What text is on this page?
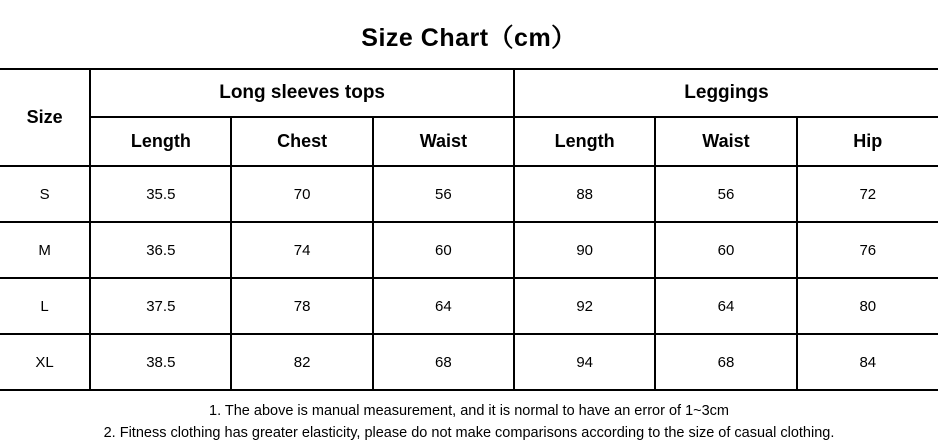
Size Chart（cm）
Size	Long sleeves tops			Leggings		
	Length	Chest	Waist	Length	Waist	Hip
S	35.5	70	56	88	56	72
M	36.5	74	60	90	60	76
L	37.5	78	64	92	64	80
XL	38.5	82	68	94	68	84
1. The above is manual measurement, and it is normal to have an error of 1~3cm
2. Fitness clothing has greater elasticity, please do not make comparisons according to the size of casual clothing.
